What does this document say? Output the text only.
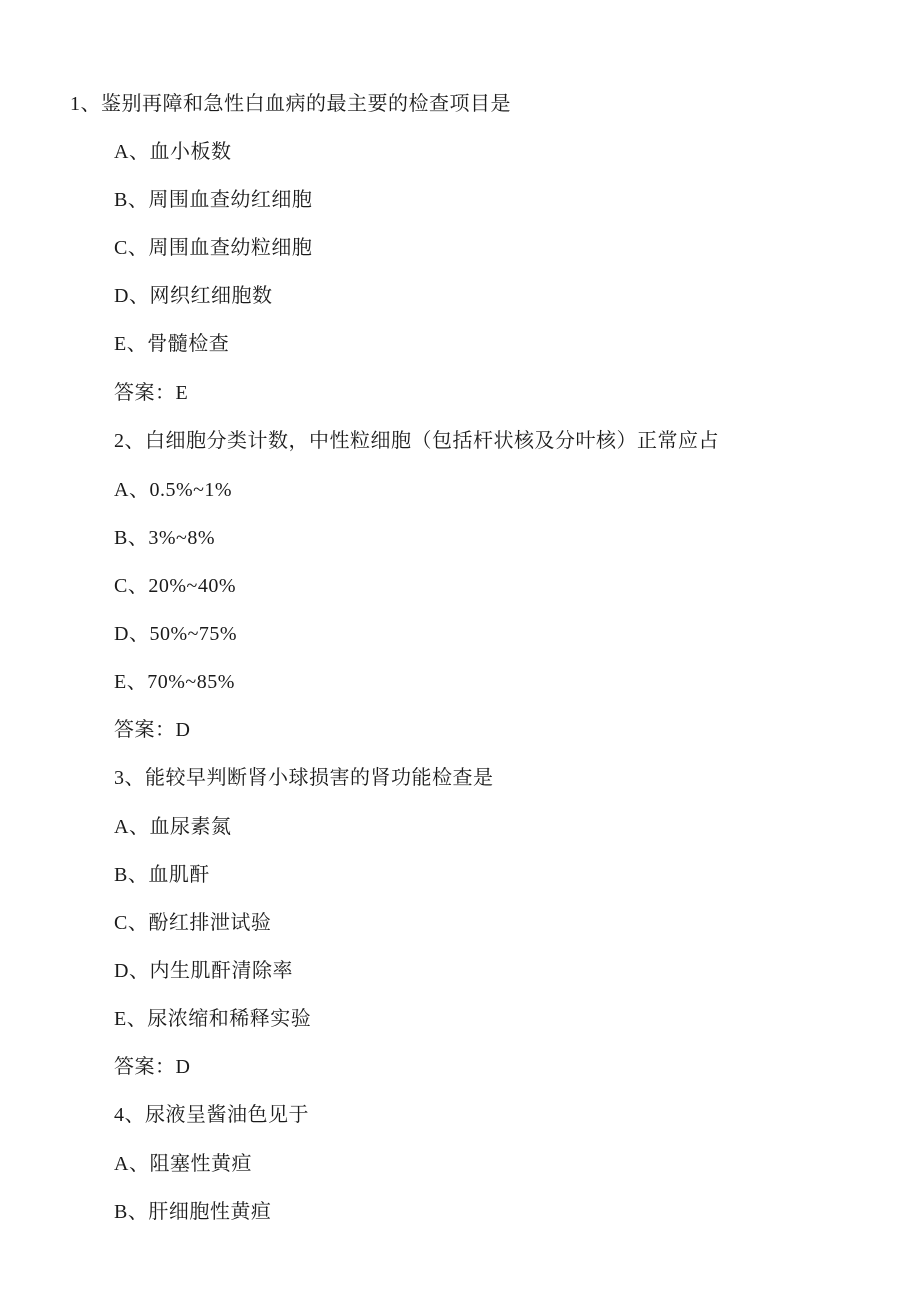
1、鉴别再障和急性白血病的最主要的检查项目是
A、血小板数
B、周围血查幼红细胞
C、周围血查幼粒细胞
D、网织红细胞数
E、骨髓检查
答案：E
2、白细胞分类计数，中性粒细胞（包括杆状核及分叶核）正常应占
A、0.5%~1%
B、3%~8%
C、20%~40%
D、50%~75%
E、70%~85%
答案：D
3、能较早判断肾小球损害的肾功能检查是
A、血尿素氮
B、血肌酐
C、酚红排泄试验
D、内生肌酐清除率
E、尿浓缩和稀释实验
答案：D
4、尿液呈酱油色见于
A、阻塞性黄疸
B、肝细胞性黄疸
